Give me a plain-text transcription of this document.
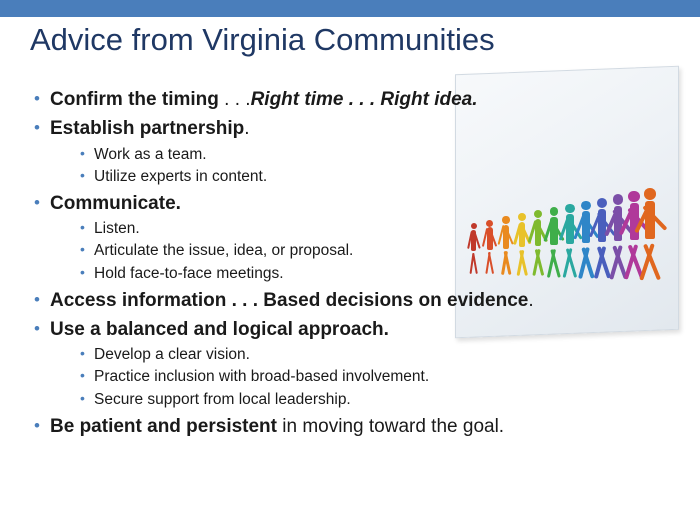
Advice from Virginia Communities
• Confirm the timing . . .Right time . . . Right idea.
• Establish partnership.
• Work as a team.
• Utilize experts in content.
• Communicate.
• Listen.
• Articulate the issue, idea, or proposal.
• Hold face-to-face meetings.
• Access information . . . Based decisions on evidence.
• Use a balanced and logical approach.
• Develop a clear vision.
• Practice inclusion with broad-based involvement.
• Secure support from local leadership.
• Be patient and persistent in moving toward the goal.
